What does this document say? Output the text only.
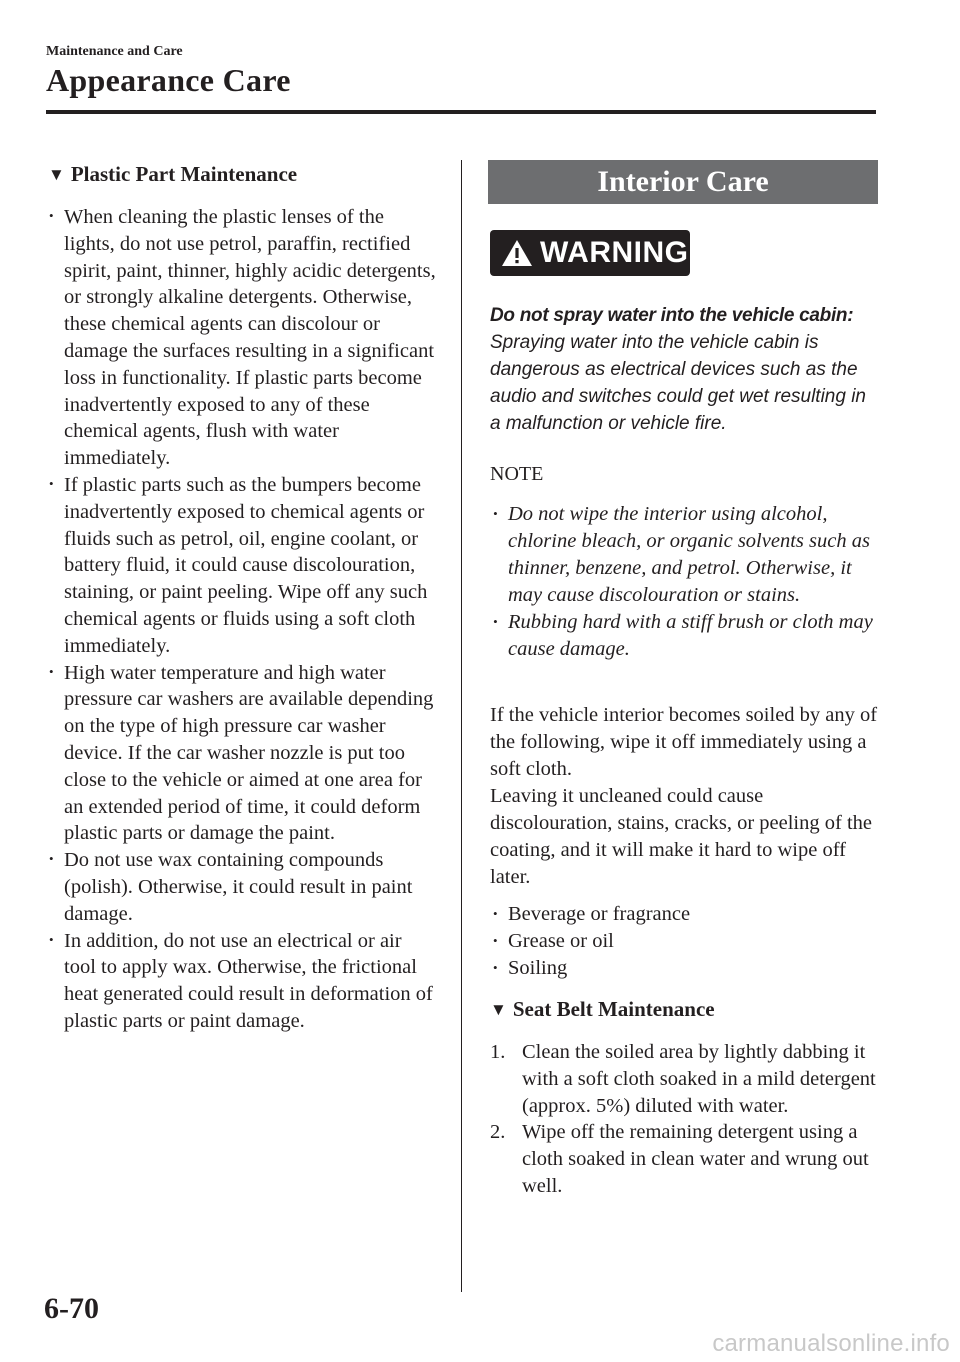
Maintenance and Care
Appearance Care
▼ Plastic Part Maintenance
• When cleaning the plastic lenses of the lights, do not use petrol, paraffin, rectified spirit, paint, thinner, highly acidic detergents, or strongly alkaline detergents. Otherwise, these chemical agents can discolour or damage the surfaces resulting in a significant loss in functionality. If plastic parts become inadvertently exposed to any of these chemical agents, flush with water immediately.
• If plastic parts such as the bumpers become inadvertently exposed to chemical agents or fluids such as petrol, oil, engine coolant, or battery fluid, it could cause discolouration, staining, or paint peeling. Wipe off any such chemical agents or fluids using a soft cloth immediately.
• High water temperature and high water pressure car washers are available depending on the type of high pressure car washer device. If the car washer nozzle is put too close to the vehicle or aimed at one area for an extended period of time, it could deform plastic parts or damage the paint.
• Do not use wax containing compounds (polish). Otherwise, it could result in paint damage.
• In addition, do not use an electrical or air tool to apply wax. Otherwise, the frictional heat generated could result in deformation of plastic parts or paint damage.
Interior Care
WARNING
Do not spray water into the vehicle cabin:
Spraying water into the vehicle cabin is dangerous as electrical devices such as the audio and switches could get wet resulting in a malfunction or vehicle fire.
NOTE
• Do not wipe the interior using alcohol, chlorine bleach, or organic solvents such as thinner, benzene, and petrol. Otherwise, it may cause discolouration or stains.
• Rubbing hard with a stiff brush or cloth may cause damage.
If the vehicle interior becomes soiled by any of the following, wipe it off immediately using a soft cloth.
Leaving it uncleaned could cause discolouration, stains, cracks, or peeling of the coating, and it will make it hard to wipe off later.
• Beverage or fragrance
• Grease or oil
• Soiling
▼ Seat Belt Maintenance
1. Clean the soiled area by lightly dabbing it with a soft cloth soaked in a mild detergent (approx. 5%) diluted with water.
2. Wipe off the remaining detergent using a cloth soaked in clean water and wrung out well.
6-70
carmanualsonline.info
